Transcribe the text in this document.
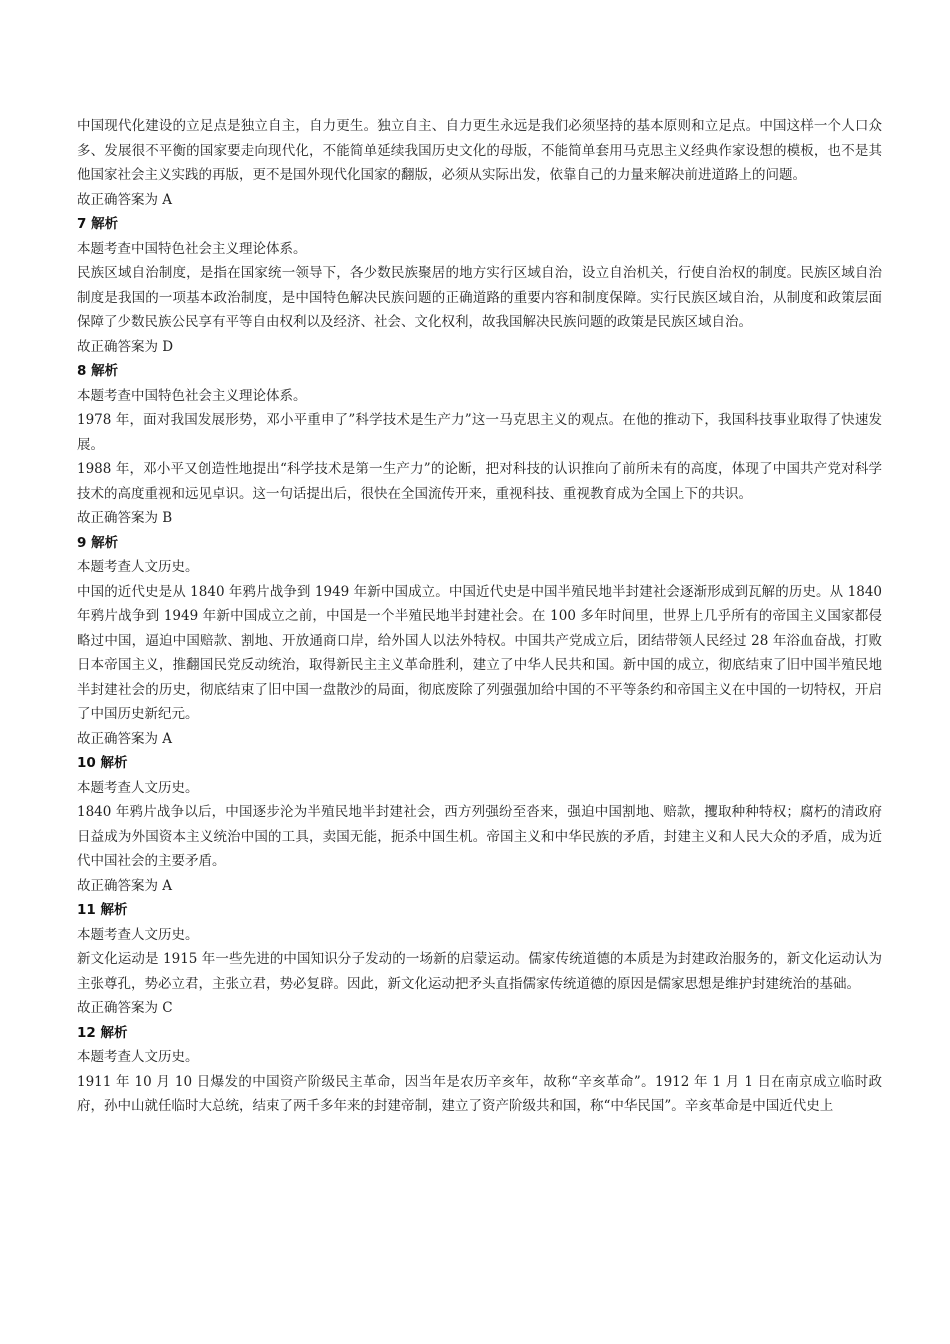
中国现代化建设的立足点是独立自主，自力更生。独立自主、自力更生永远是我们必须坚持的基本原则和立足点。中国这样一个人口众多、发展很不平衡的国家要走向现代化，不能简单延续我国历史文化的母版，不能简单套用马克思主义经典作家设想的模板，也不是其他国家社会主义实践的再版，更不是国外现代化国家的翻版，必须从实际出发，依靠自己的力量来解决前进道路上的问题。

故正确答案为 A

7 解析

本题考查中国特色社会主义理论体系。

民族区域自治制度，是指在国家统一领导下，各少数民族聚居的地方实行区域自治，设立自治机关，行使自治权的制度。民族区域自治制度是我国的一项基本政治制度，是中国特色解决民族问题的正确道路的重要内容和制度保障。实行民族区域自治，从制度和政策层面保障了少数民族公民享有平等自由权利以及经济、社会、文化权利，故我国解决民族问题的政策是民族区域自治。

故正确答案为 D

8 解析

本题考查中国特色社会主义理论体系。

1978 年，面对我国发展形势，邓小平重申了”科学技术是生产力”这一马克思主义的观点。在他的推动下，我国科技事业取得了快速发展。

1988 年，邓小平又创造性地提出“科学技术是第一生产力”的论断，把对科技的认识推向了前所未有的高度，体现了中国共产党对科学技术的高度重视和远见卓识。这一句话提出后，很快在全国流传开来，重视科技、重视教育成为全国上下的共识。

故正确答案为 B

9 解析

本题考查人文历史。

中国的近代史是从 1840 年鸦片战争到 1949 年新中国成立。中国近代史是中国半殖民地半封建社会逐渐形成到瓦解的历史。从 1840 年鸦片战争到 1949 年新中国成立之前，中国是一个半殖民地半封建社会。在 100 多年时间里，世界上几乎所有的帝国主义国家都侵略过中国，逼迫中国赔款、割地、开放通商口岸，给外国人以法外特权。中国共产党成立后，团结带领人民经过 28 年浴血奋战，打败日本帝国主义，推翻国民党反动统治，取得新民主主义革命胜利，建立了中华人民共和国。新中国的成立，彻底结束了旧中国半殖民地半封建社会的历史，彻底结束了旧中国一盘散沙的局面，彻底废除了列强强加给中国的不平等条约和帝国主义在中国的一切特权，开启了中国历史新纪元。

故正确答案为 A

10 解析

本题考查人文历史。

1840 年鸦片战争以后，中国逐步沦为半殖民地半封建社会，西方列强纷至沓来，强迫中国割地、赔款，攫取种种特权；腐朽的清政府日益成为外国资本主义统治中国的工具，卖国无能，扼杀中国生机。帝国主义和中华民族的矛盾，封建主义和人民大众的矛盾，成为近代中国社会的主要矛盾。

故正确答案为 A

11 解析

本题考查人文历史。

新文化运动是 1915 年一些先进的中国知识分子发动的一场新的启蒙运动。儒家传统道德的本质是为封建政治服务的，新文化运动认为主张尊孔，势必立君，主张立君，势必复辟。因此，新文化运动把矛头直指儒家传统道德的原因是儒家思想是维护封建统治的基础。

故正确答案为 C

12 解析

本题考查人文历史。

1911 年 10 月 10 日爆发的中国资产阶级民主革命，因当年是农历辛亥年，故称“辛亥革命”。1912 年 1 月 1 日在南京成立临时政府，孙中山就任临时大总统，结束了两千多年来的封建帝制，建立了资产阶级共和国，称“中华民国”。辛亥革命是中国近代史上
